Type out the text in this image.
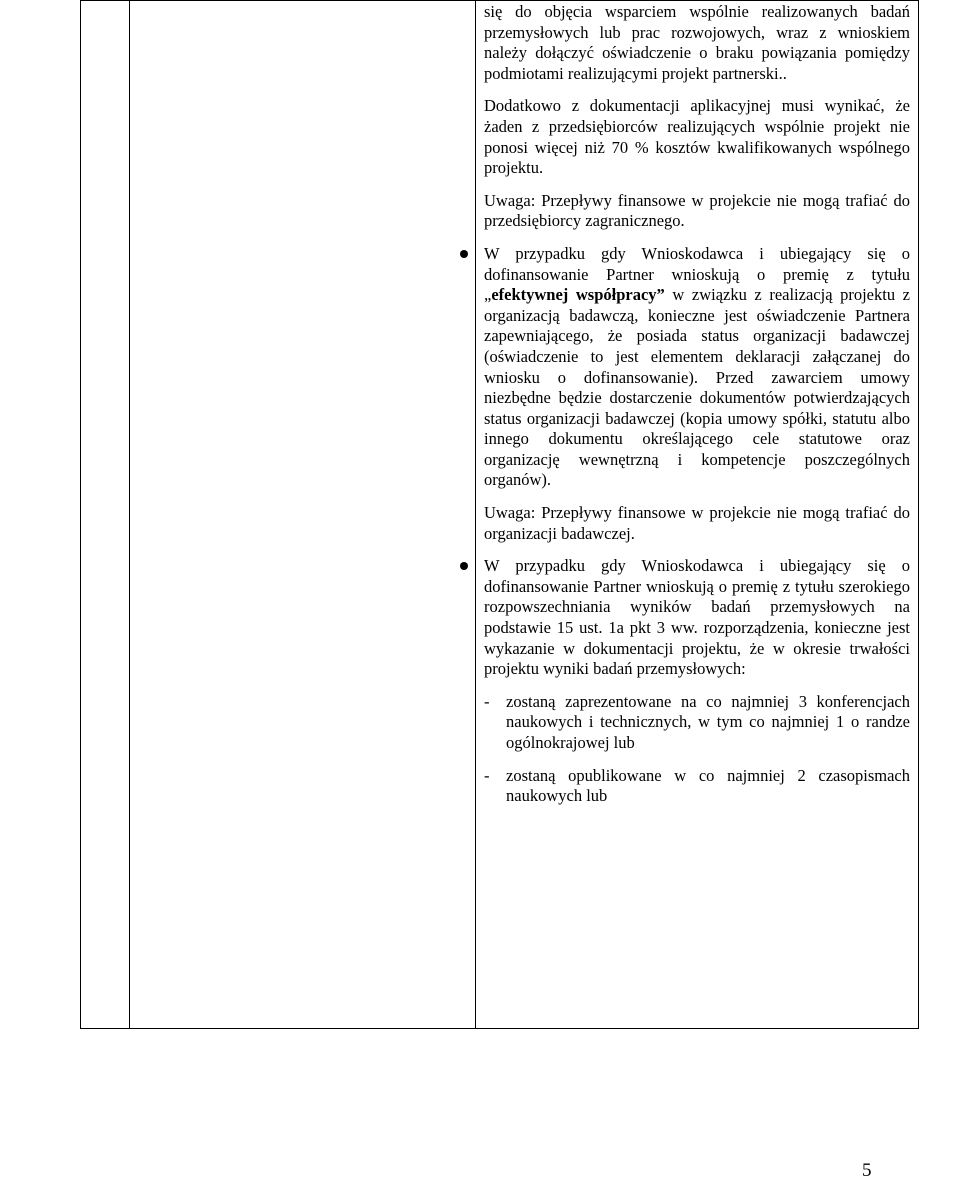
się do objęcia wsparciem wspólnie realizowanych badań przemysłowych lub prac rozwojowych, wraz z wnioskiem należy dołączyć oświadczenie o braku powiązania pomiędzy podmiotami realizującymi projekt partnerski..

Dodatkowo z dokumentacji aplikacyjnej musi wynikać, że żaden z przedsiębiorców realizujących wspólnie projekt nie ponosi więcej niż 70 % kosztów kwalifikowanych wspólnego projektu.

Uwaga: Przepływy finansowe w projekcie nie mogą trafiać do przedsiębiorcy zagranicznego.

W przypadku gdy Wnioskodawca i ubiegający się o dofinansowanie Partner wnioskują o premię z tytułu „efektywnej współpracy” w związku z realizacją projektu z organizacją badawczą, konieczne jest oświadczenie Partnera zapewniającego, że posiada status organizacji badawczej (oświadczenie to jest elementem deklaracji załączanej do wniosku o dofinansowanie). Przed zawarciem umowy niezbędne będzie dostarczenie dokumentów potwierdzających status organizacji badawczej (kopia umowy spółki, statutu albo innego dokumentu określającego cele statutowe oraz organizację wewnętrzną i kompetencje poszczególnych organów).

Uwaga: Przepływy finansowe w projekcie nie mogą trafiać do organizacji badawczej.

W przypadku gdy Wnioskodawca i ubiegający się o dofinansowanie Partner wnioskują o premię z tytułu szerokiego rozpowszechniania wyników badań przemysłowych na podstawie 15 ust. 1a pkt 3 ww. rozporządzenia, konieczne jest wykazanie w dokumentacji projektu, że w okresie trwałości projektu wyniki badań przemysłowych:
- zostaną zaprezentowane na co najmniej 3 konferencjach naukowych i technicznych, w tym co najmniej 1 o randze ogólnokrajowej lub
- zostaną opublikowane w co najmniej 2 czasopismach naukowych lub
5
